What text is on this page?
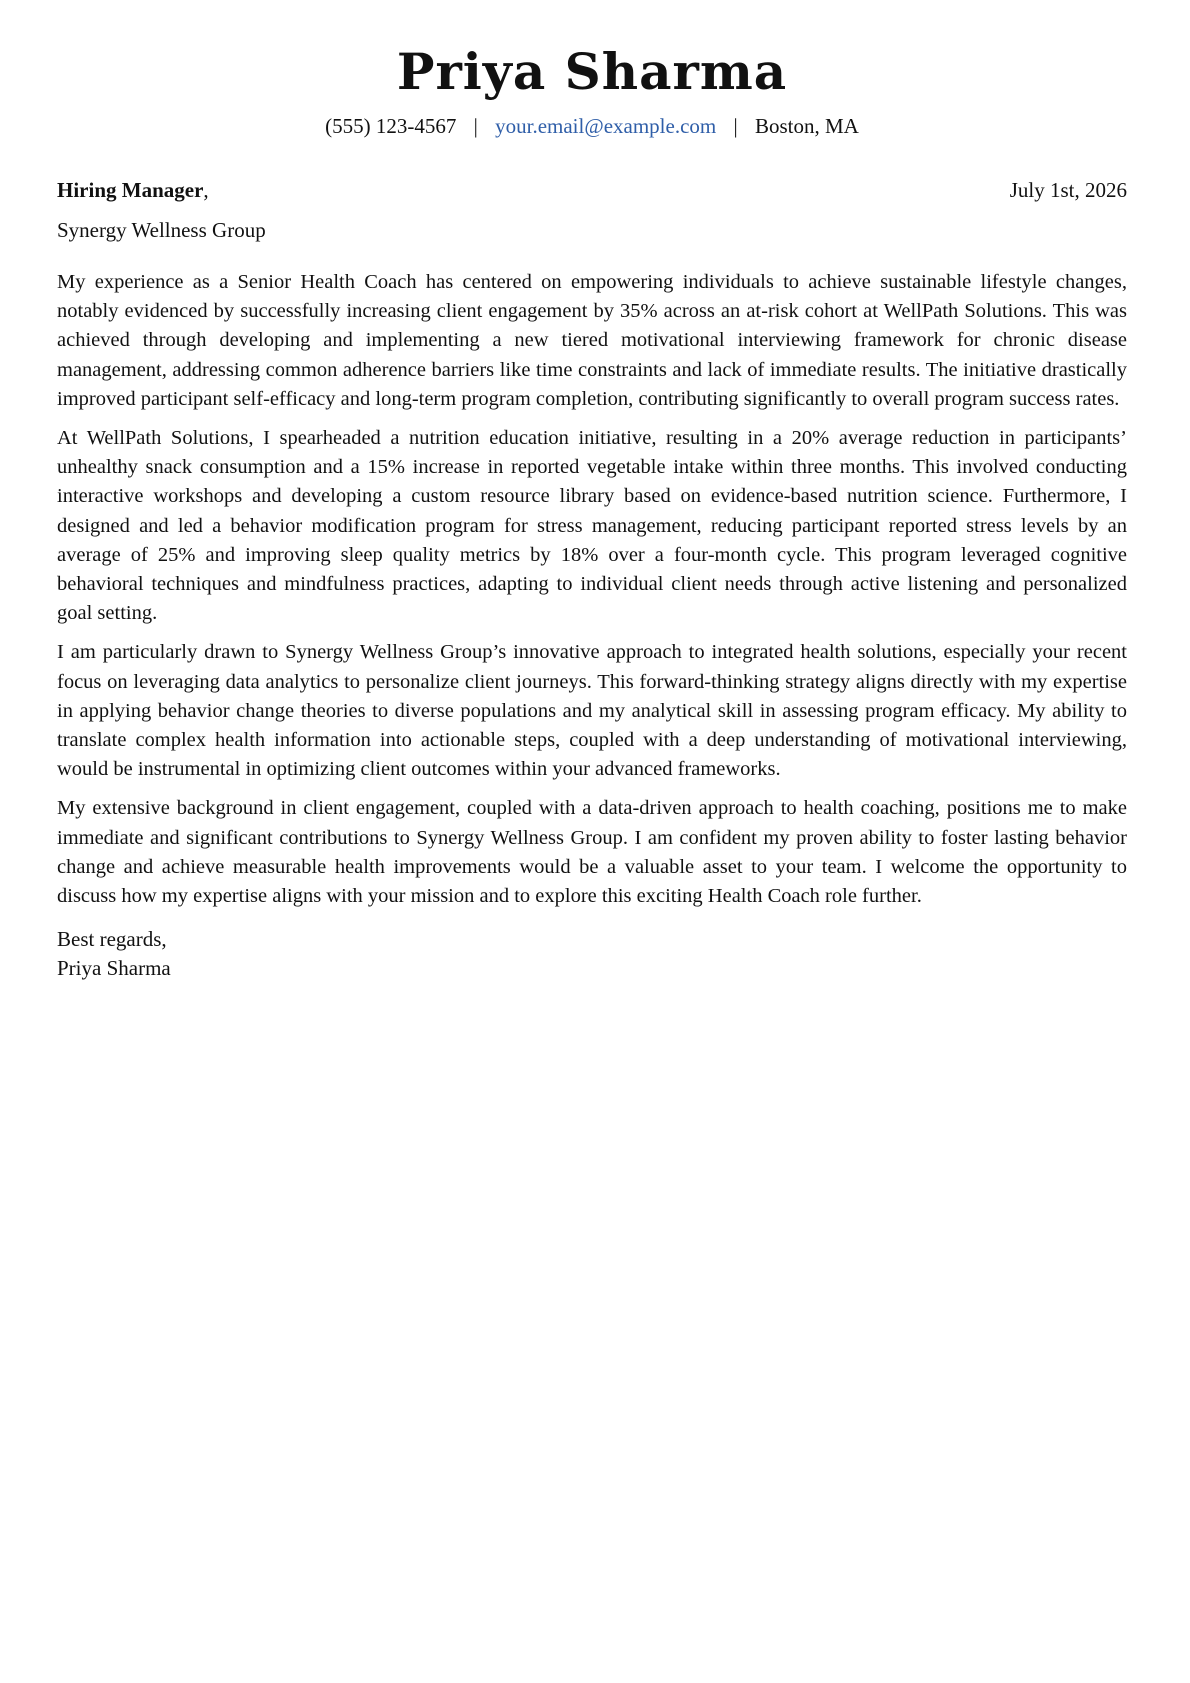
Priya Sharma
(555) 123-4567 | your.email@example.com | Boston, MA
Hiring Manager,	July 1st, 2026
Synergy Wellness Group

My experience as a Senior Health Coach has centered on empowering individuals to achieve sustainable lifestyle changes, notably evidenced by successfully increasing client engagement by 35% across an at-risk cohort at WellPath Solutions. This was achieved through developing and implementing a new tiered motivational interviewing framework for chronic disease management, addressing common adherence barriers like time constraints and lack of immediate results. The initiative drastically improved participant self-efficacy and long-term program completion, contributing significantly to overall program success rates.

At WellPath Solutions, I spearheaded a nutrition education initiative, resulting in a 20% average reduction in participants’ unhealthy snack consumption and a 15% increase in reported vegetable intake within three months. This involved conducting interactive workshops and developing a custom resource library based on evidence-based nutrition science. Furthermore, I designed and led a behavior modification program for stress management, reducing participant reported stress levels by an average of 25% and improving sleep quality metrics by 18% over a four-month cycle. This program leveraged cognitive behavioral techniques and mindfulness practices, adapting to individual client needs through active listening and personalized goal setting.

I am particularly drawn to Synergy Wellness Group’s innovative approach to integrated health solutions, especially your recent focus on leveraging data analytics to personalize client journeys. This forward-thinking strategy aligns directly with my expertise in applying behavior change theories to diverse populations and my analytical skill in assessing program efficacy. My ability to translate complex health information into actionable steps, coupled with a deep understanding of motivational interviewing, would be instrumental in optimizing client outcomes within your advanced frameworks.

My extensive background in client engagement, coupled with a data-driven approach to health coaching, positions me to make immediate and significant contributions to Synergy Wellness Group. I am confident my proven ability to foster lasting behavior change and achieve measurable health improvements would be a valuable asset to your team. I welcome the opportunity to discuss how my expertise aligns with your mission and to explore this exciting Health Coach role further.

Best regards,
Priya Sharma
